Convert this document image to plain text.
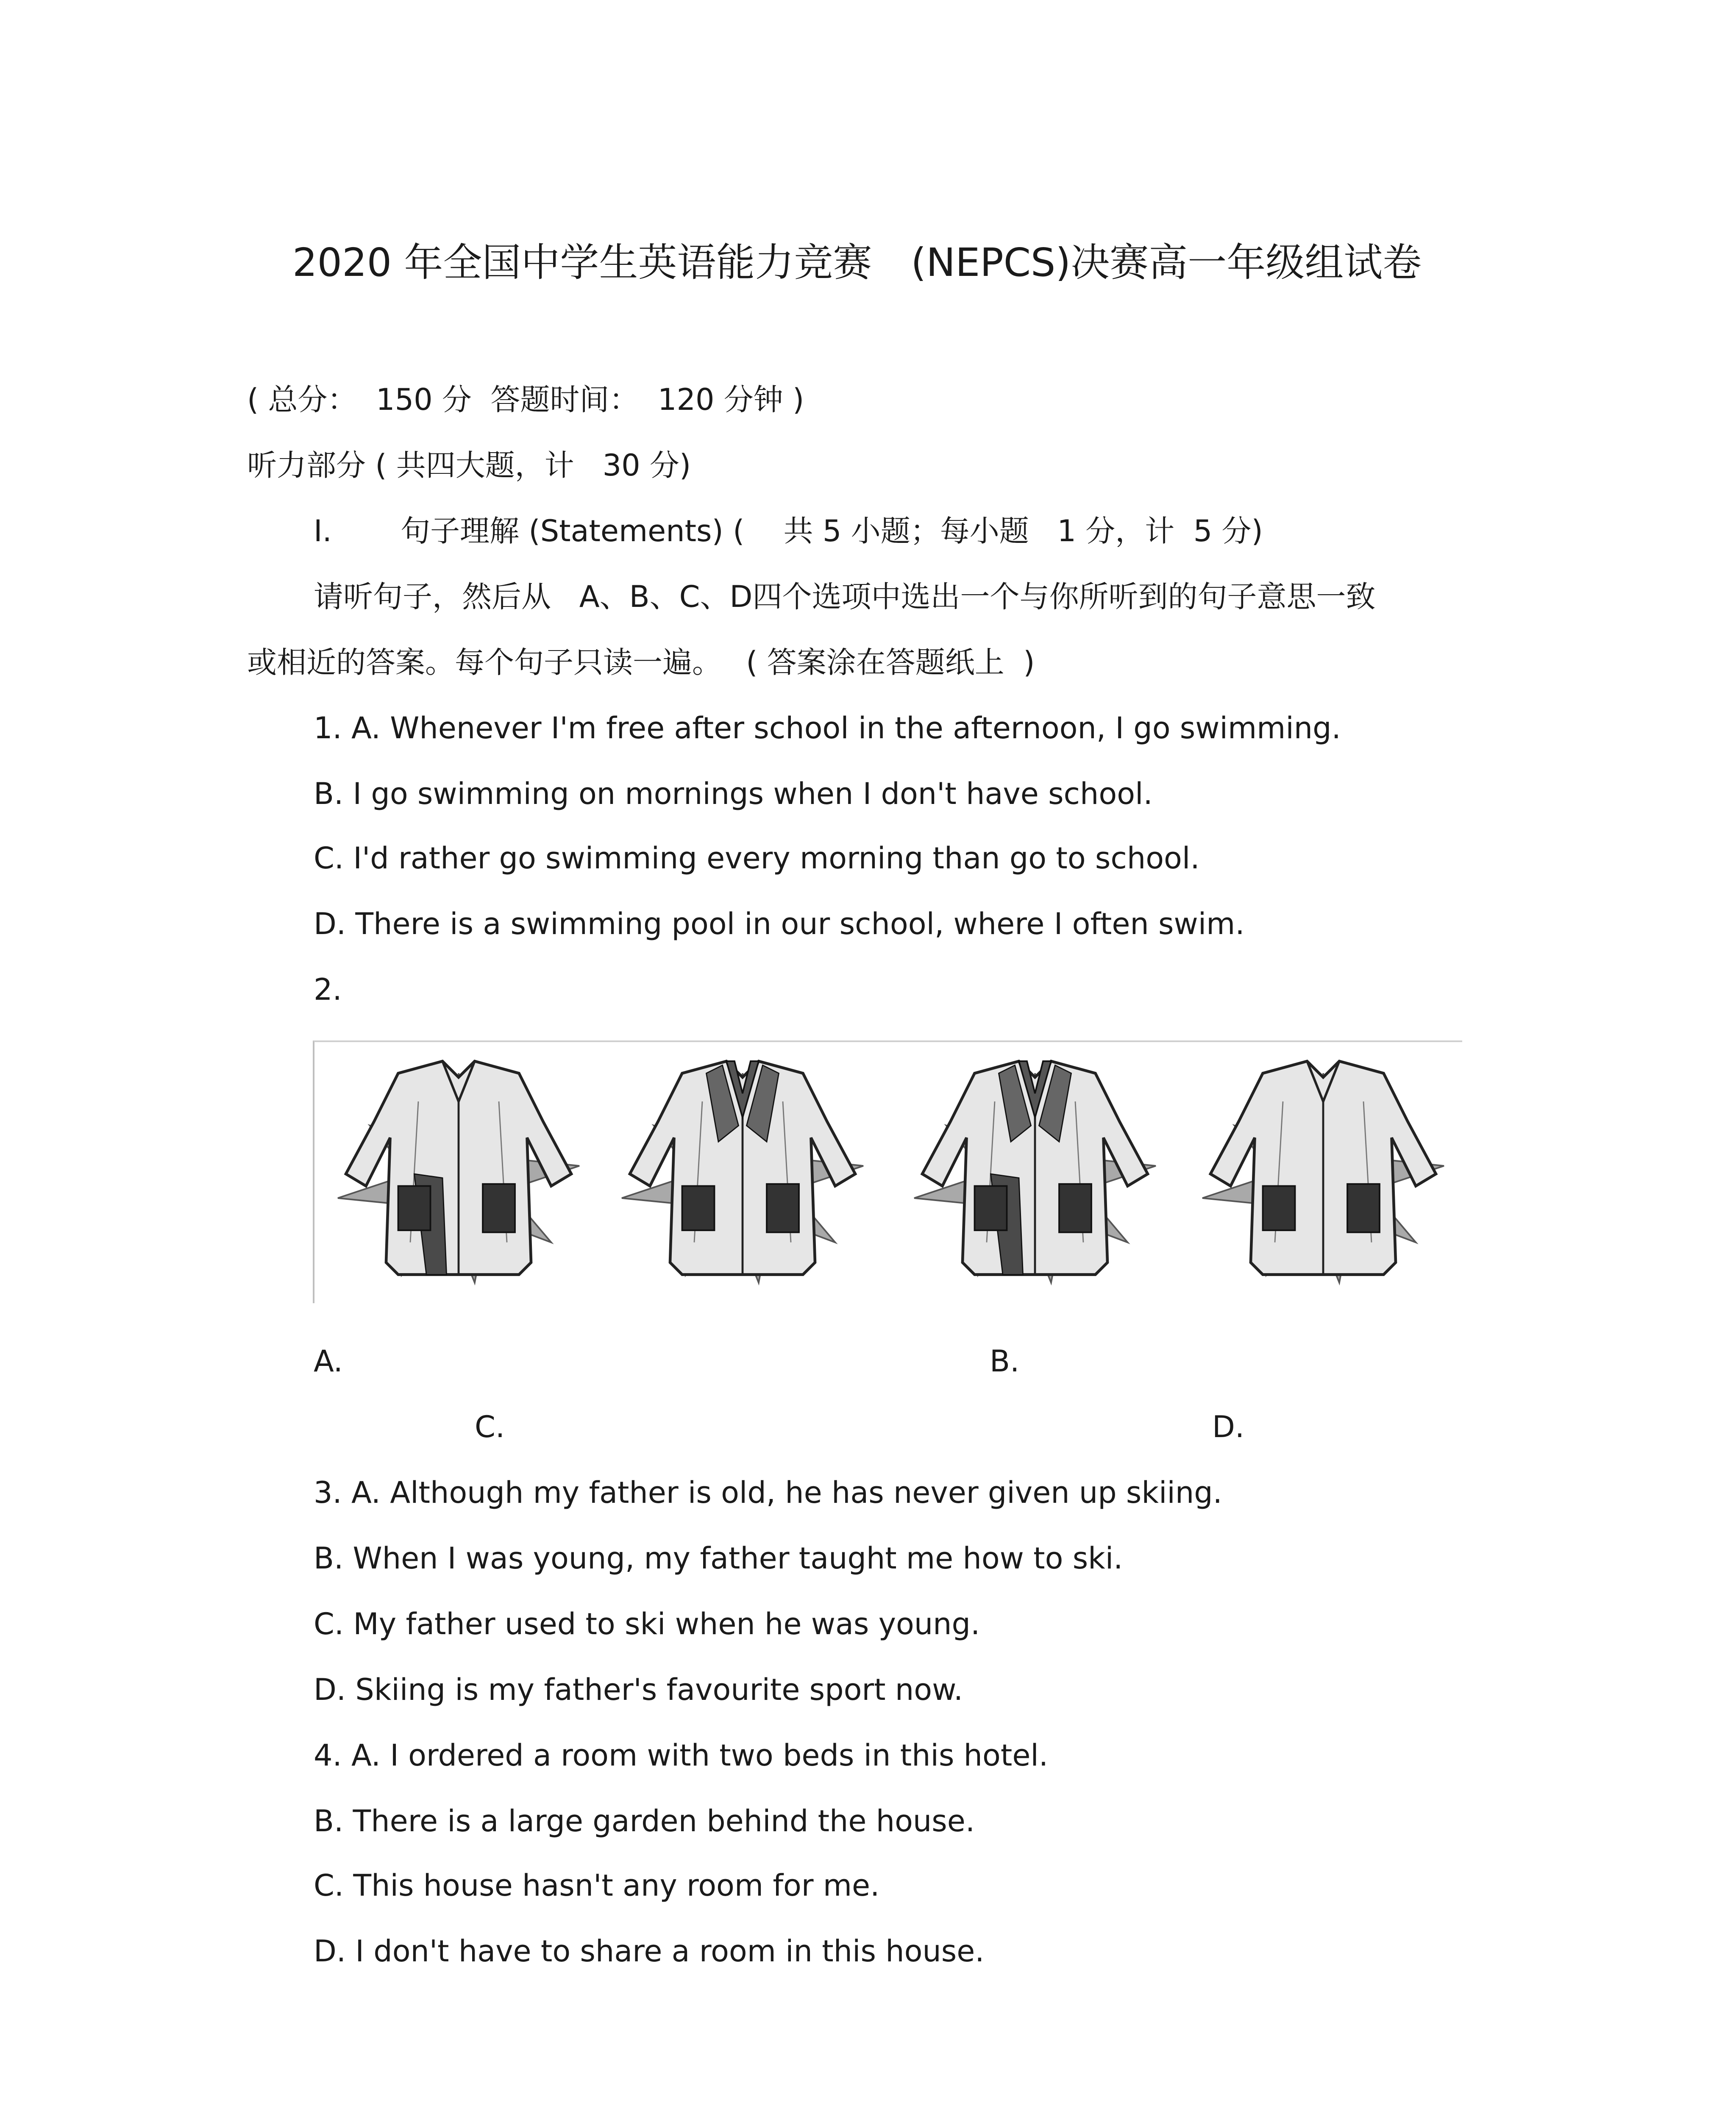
2020 年全国中学生英语能力竞赛　(NEPCS)决赛高一年级组试卷
( 总分：  150 分  答题时间：  120 分钟 )
听力部分 ( 共四大题，计   30 分)
I.　　 句子理解 (Statements) (　 共 5 小题；每小题   1 分，计  5 分)
请听句子，然后从   A、B、C、D四个选项中选出一个与你所听到的句子意思一致
或相近的答案。每个句子只读一遍。　 ( 答案涂在答题纸上  )
1. A. Whenever I'm free after school in the afternoon, I go swimming.
B. I go swimming on mornings when I don't have school.
C. I'd rather go swimming every morning than go to school.
D. There is a swimming pool in our school, where I often swim.
2.
A.	B.
C.	D.
3. A. Although my father is old, he has never given up skiing.
B. When I was young, my father taught me how to ski.
C. My father used to ski when he was young.
D. Skiing is my father's favourite sport now.
4. A. I ordered a room with two beds in this hotel.
B. There is a large garden behind the house.
C. This house hasn't any room for me.
D. I don't have to share a room in this house.
